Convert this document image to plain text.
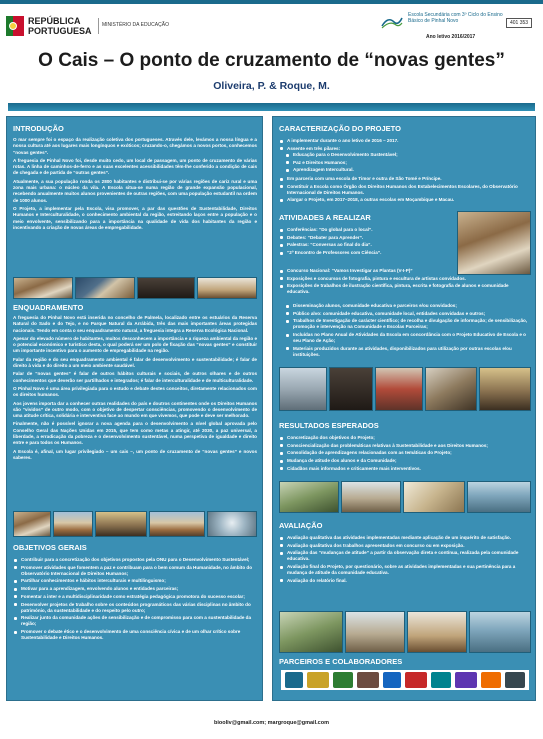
REPÚBLICA
PORTUGUESA
MINISTÉRIO DA EDUCAÇÃO
Escola Secundária com 3º Ciclo do Ensino Básico de Pinhal Novo	401 353
Ano letivo 2016/2017
O Cais – O ponto de cruzamento de “novas gentes”
Oliveira, P. & Roque, M.
INTRODUÇÃO

O mar sempre foi o espaço da realização coletiva dos portugueses. Através dele, levámos a nossa língua e a nossa cultura até aos lugares mais longínquos e exóticos; cruzando-o, chegámos a novos portos, conhecemos “novas gentes”.

A freguesia de Pinhal Novo foi, desde muito cedo, um local de passagem, um ponto de cruzamento de várias rotas. A linha de caminhos-de-ferro e as suas excelentes acessibilidades têm-lhe conferido a condição de cais de chegada e de partida de “outras gentes”.

Atualmente, a sua população ronda os 2800 habitantes e distribui-se por várias regiões de cariz rural e uma zona mais urbana: o núcleo da vila. A Escola situa-se numa região de grande expansão populacional, recebendo anualmente muitos alunos provenientes de outras regiões, com uma população estudantil na ordem de 1000 alunos.

O Projeto, a implementar pela Escola, visa promover, a par das questões de Sustentabilidade, Direitos Humanos e Interculturalidade, o conhecimento ambiental da região, estreitando laços entre a população e o meio envolvente, sensibilizando para a importância na qualidade de vida dos habitantes da região e incentivando a criação de novas áreas de empregabilidade.

ENQUADRAMENTO

A freguesia do Pinhal Novo está inserida no concelho de Palmela, localizado entre os estuários da Reserva Natural do Sado e do Tejo, e no Parque Natural da Arrábida, três das mais importantes áreas protegidas nacionais. Tendo em conta o seu enquadramento natural, a freguesia integra a Reserva Ecológica Nacional.

Apesar do elevado número de habitantes, muitos desconhecem a importância e a riqueza ambiental da região e o potencial económico e turístico desta, o qual poderá ser um polo de fixação das “novas gentes” e constituir um importante incentivo para o aumento de empregabilidade na região.

Falar da região e do seu enquadramento ambiental é falar de desenvolvimento e sustentabilidade; é falar de direito à vida e do direito a um meio ambiente saudável.

Falar de “novas gentes” é falar de outros hábitos culturais e sociais, de outros olhares e de outros conhecimentos que deverão ser partilhados e integrados; é falar de interculturalidade e de multiculturalidade.

O Pinhal Novo é uma área privilegiada para o estudo e debate destes conceitos, diretamente relacionados com os direitos humanos.

Aos jovens importa dar a conhecer outras realidades do país e doutros continentes onde os Direitos Humanos são “vividos” de outro modo, com o objetivo de despertar consciências, promovendo o desenvolvimento de uma atitude crítica, solidária e interventiva face ao mundo em que vivemos, que pode e deve ser melhorado.

Finalmente, não é possível ignorar a nova agenda para o desenvolvimento a nível global aprovada pelo Conselho Geral das Nações Unidas em 2015, que tem como metas a atingir, até 2030, a paz universal, a liberdade, a erradicação da pobreza e o desenvolvimento sustentável, numa perspetiva de igualdade e direito entre e para todos os Humanos.

A Escola é, afinal, um lugar privilegiado – um cais –, um ponto de cruzamento de “novas gentes” e novos saberes.

OBJETIVOS GERAIS
Contribuir para a concretização dos objetivos propostos pela ONU para o Desenvolvimento Sustentável;
Promover atividades que fomentem a paz e contribuam para o bem comum da Humanidade, no âmbito do Observatório Internacional de Direitos Humanos;
Partilhar conhecimentos e hábitos interculturais e multilinguismo;
Motivar para a aprendizagem, envolvendo alunos e entidades parceiras;
Fomentar a inter e a multidisciplinaridade como estratégia pedagógica promotora do sucesso escolar;
Desenvolver projetos de trabalho sobre os conteúdos programáticos das várias disciplinas no âmbito do património, da sustentabilidade e do respeito pelo outro;
Realizar junto da comunidade ações de sensibilização e de compromisso para com a sustentabilidade da região;
Promover o debate ético e o desenvolvimento de uma consciência cívica e de um olhar crítico sobre Sustentabilidade e Direitos Humanos.
CARACTERIZAÇÃO DO PROJETO
A implementar durante o ano letivo de 2016 – 2017.
Assente em três pilares:
Educação para o Desenvolvimento Sustentável;
Paz e Direitos Humanos;
Aprendizagem Intercultural.
Em parceria com uma escola de Timor e outra de São Tomé e Príncipe.
Constituir a Escola como Órgão dos Direitos Humanos dos Estabelecimentos Escolares, do Observatório Internacional de Direitos Humanos.
Alargar o Projeto, em 2017–2018, a outras escolas em Moçambique e Macau.
ATIVIDADES A REALIZAR
Conferências: “Do global para o local”.
Debates: “Debater para Aprender”.
Palestras: “Conversas ao final do dia”.
“2º Encontro de Professores com Ciência”.
Concurso Nacional: “Vamos Investigar as Plantas (V-I-P)”
Exposições e concursos de fotografia, pintura e escultura de artistas convidados.
Exposições de trabalhos de ilustração científica, pintura, escrita e fotografia de alunos e comunidade educativa.
Disseminação alunos, comunidade educativa e parceiros e/ou convidados;
Público alvo: comunidade educativa, comunidade local, entidades convidadas e outros;
Trabalhos de Investigação de carácter científico; de recolha e divulgação de informação; de sensibilização, promoção e intervenção na Comunidade e Escolas Parceiras;
Incluídas no Plano Anual de Atividades da Escola em concordância com o Projeto Educativo de Escola e o seu Plano de Ação;
Materiais produzidos durante as atividades, disponibilizados para utilização por outras escolas e/ou instituições.
RESULTADOS ESPERADOS
Concretização dos objetivos do Projeto;
Consciencialização das problemáticas relativas à Sustentabilidade e aos Direitos Humanos;
Consolidação de aprendizagens relacionadas com as temáticas do Projeto;
Mudança de atitude dos alunos e da Comunidade;
Cidadãos mais informados e criticamente mais interventivos.
AVALIAÇÃO
Avaliação qualitativa das atividades implementadas mediante aplicação de um inquérito de satisfação.
Avaliação qualitativa dos trabalhos apresentados em concurso ou em exposição.
Avaliação das “mudanças de atitude” a partir da observação direta e contínua, realizada pela comunidade educativa.
Avaliação final do Projeto, por questionário, sobre as atividades implementadas e sua pertinência para a mudança de atitude da comunidade educativa.
Avaliação do relatório final.
PARCEIROS E COLABORADORES
biooliv@gmail.com; margroque@gmail.com
